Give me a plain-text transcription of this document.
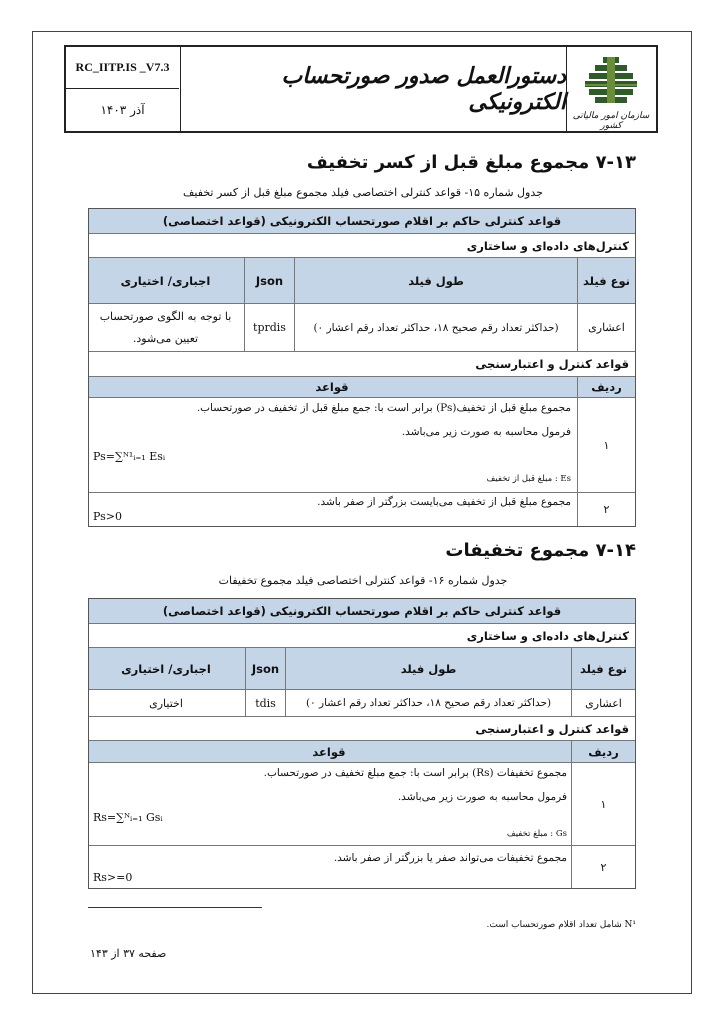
RC_IITP.IS _V7.3
آذر ۱۴۰۳
دستورالعمل صدور صورتحساب الکترونیکی
سازمان امور مالیاتی کشور
۷-۱۳ مجموع مبلغ قبل از کسر تخفیف
جدول شماره ۱۵- قواعد کنترلی اختصاصی فیلد مجموع مبلغ قبل از کسر تخفیف
قواعد کنترلی حاکم بر اقلام صورتحساب الکترونیکی (قواعد اختصاصی)
کنترل‌های داده‌ای و ساختاری
نوع فیلد
طول فیلد
Json
اجباری/ اختیاری
اعشاری
(حداکثر تعداد رقم صحیح ۱۸، حداکثر تعداد رقم اعشار ۰)
tprdis
با توجه به الگوی صورتحساب تعیین می‌شود.
قواعد کنترل و اعتبارسنجی
ردیف
قواعد
۱
مجموع مبلغ قبل از تخفیف(Ps) برابر است با: جمع مبلغ قبل از تخفیف در صورتحساب.
فرمول محاسبه به صورت زیر می‌باشد.
Ps=∑ᴺ¹ᵢ₌₁ Esᵢ
Es : مبلغ قبل از تخفیف
۲
مجموع مبلغ قبل از تخفیف می‌بایست بزرگتر از صفر باشد.
Ps>0
۷-۱۴ مجموع تخفیفات
جدول شماره ۱۶- قواعد کنترلی اختصاصی فیلد مجموع تخفیفات
قواعد کنترلی حاکم بر اقلام صورتحساب الکترونیکی (قواعد اختصاصی)
کنترل‌های داده‌ای و ساختاری
نوع فیلد
طول فیلد
Json
اجباری/ اختیاری
اعشاری
(حداکثر تعداد رقم صحیح ۱۸، حداکثر تعداد رقم اعشار ۰)
tdis
اختیاری
قواعد کنترل و اعتبارسنجی
ردیف
قواعد
۱
مجموع تخفیفات (Rs) برابر است با: جمع مبلغ تخفیف در صورتحساب.
فرمول محاسبه به صورت زیر می‌باشد.
Rs=∑ᴺᵢ₌₁ Gsᵢ
Gs : مبلغ تخفیف
۲
مجموع تخفیفات می‌تواند صفر یا بزرگتر از صفر باشد.
Rs>=0
N¹ شامل تعداد اقلام صورتحساب است.
صفحه ۳۷ از ۱۴۳
